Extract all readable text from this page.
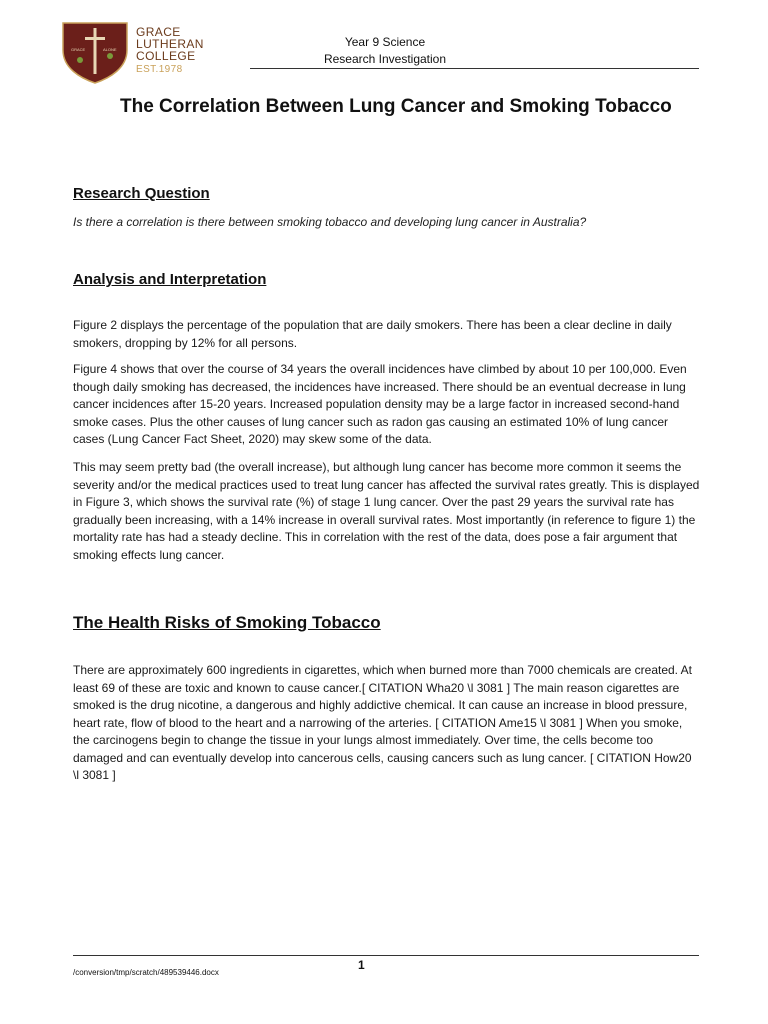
GRACE	ALONE
GRACE
LUTHERAN
COLLEGE
EST.1978
Year 9 Science
Research Investigation
The Correlation Between Lung Cancer and Smoking Tobacco
Research Question

Is there a correlation is there between smoking tobacco and developing lung cancer in Australia?

Analysis and Interpretation

Figure 2 displays the percentage of the population that are daily smokers. There has been a clear decline in daily smokers, dropping by 12% for all persons.

Figure 4 shows that over the course of 34 years the overall incidences have climbed by about 10 per 100,000. Even though daily smoking has decreased, the incidences have increased. There should be an eventual decrease in lung cancer incidences after 15-20 years. Increased population density may be a large factor in increased second-hand smoke cases. Plus the other causes of lung cancer such as radon gas causing an estimated 10% of lung cancer cases (Lung Cancer Fact Sheet, 2020) may skew some of the data.

This may seem pretty bad (the overall increase), but although lung cancer has become more common it seems the severity and/or the medical practices used to treat lung cancer has affected the survival rates greatly. This is displayed in Figure 3, which shows the survival rate (%) of stage 1 lung cancer. Over the past 29 years the survival rate has gradually been increasing, with a 14% increase in overall survival rates. Most importantly (in reference to figure 1) the mortality rate has had a steady decline. This in correlation with the rest of the data, does pose a fair argument that smoking effects lung cancer.

The Health Risks of Smoking Tobacco

There are approximately 600 ingredients in cigarettes, which when burned more than 7000 chemicals are created. At least 69 of these are toxic and known to cause cancer.[ CITATION Wha20 \l 3081 ] The main reason cigarettes are smoked is the drug nicotine, a dangerous and highly addictive chemical. It can cause an increase in blood pressure, heart rate, flow of blood to the heart and a narrowing of the arteries. [ CITATION Ame15 \l 3081 ] When you smoke, the carcinogens begin to change the tissue in your lungs almost immediately. Over time, the cells become too damaged and can eventually develop into cancerous cells, causing cancers such as lung cancer. [ CITATION How20 \l 3081 ]

/conversion/tmp/scratch/489539446.docx
1
